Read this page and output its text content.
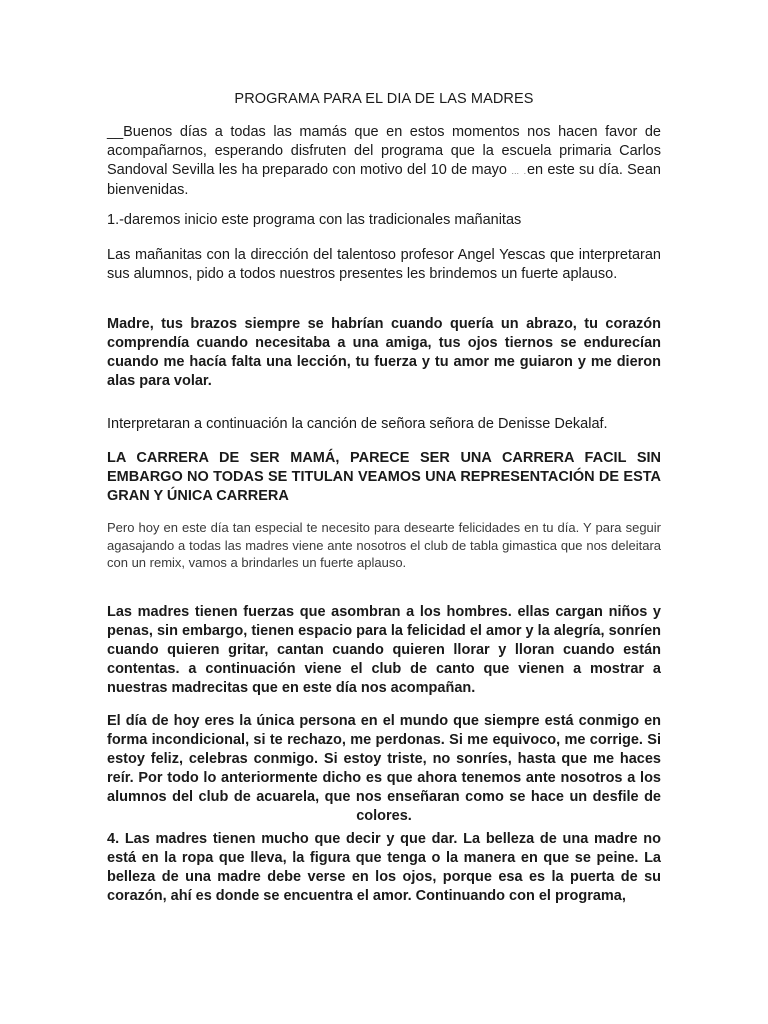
PROGRAMA PARA EL DIA DE LAS MADRES
__Buenos días a todas las mamás que en estos momentos nos hacen favor de acompañarnos, esperando disfruten del programa que la escuela primaria Carlos Sandoval Sevilla les ha preparado con motivo del 10 de mayo … .en este su día. Sean bienvenidas.
1.-daremos inicio este programa con las tradicionales mañanitas
Las mañanitas con la dirección del talentoso profesor Angel Yescas que interpretaran sus alumnos, pido a todos nuestros presentes les brindemos un fuerte aplauso.
Madre, tus brazos siempre se habrían cuando quería un abrazo, tu corazón comprendía cuando necesitaba a una amiga, tus ojos tiernos se endurecían cuando me hacía falta una lección, tu fuerza y tu amor me guiaron y me dieron alas para volar.
Interpretaran a continuación la canción de señora señora de Denisse Dekalaf.
LA CARRERA DE SER MAMÁ, PARECE SER UNA CARRERA FACIL SIN EMBARGO NO TODAS SE TITULAN VEAMOS UNA REPRESENTACIÓN DE ESTA GRAN Y ÚNICA CARRERA
Pero hoy en este día tan especial te necesito para desearte felicidades en tu día. Y para seguir agasajando a todas las madres viene ante nosotros el club de tabla gimastica que nos deleitara con un remix, vamos a brindarles un fuerte aplauso.
Las madres tienen fuerzas que asombran a los hombres. ellas cargan niños y penas, sin embargo, tienen espacio para la felicidad el amor y la alegría, sonríen cuando quieren gritar, cantan cuando quieren llorar y lloran cuando están contentas. a continuación viene el club de canto que vienen a mostrar a nuestras madrecitas que en este día nos acompañan.
El día de hoy eres la única persona en el mundo que siempre está conmigo en forma incondicional, si te rechazo, me perdonas. Si me equivoco, me corrige. Si estoy feliz, celebras conmigo. Si estoy triste, no sonríes, hasta que me haces reír. Por todo lo anteriormente dicho es que ahora tenemos ante nosotros a los alumnos del club de acuarela, que nos enseñaran como se hace un desfile de colores.
4. Las madres tienen mucho que decir y que dar. La belleza de una madre no está en la ropa que lleva, la figura que tenga o la manera en que se peine. La belleza de una madre debe verse en los ojos, porque esa es la puerta de su corazón, ahí es donde se encuentra el amor. Continuando con el programa,
